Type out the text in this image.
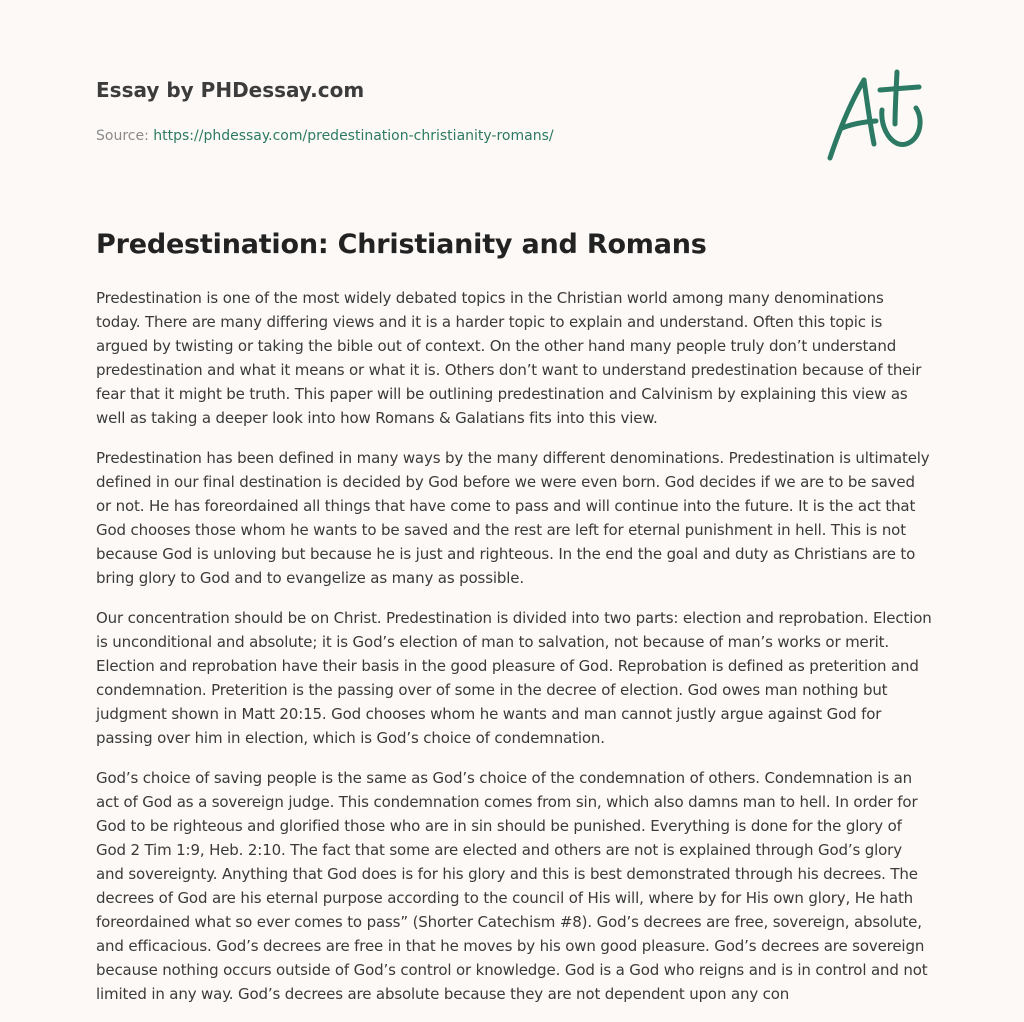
Essay by PHDessay.com
Source: https://phdessay.com/predestination-christianity-romans/
Predestination: Christianity and Romans

Predestination is one of the most widely debated topics in the Christian world among many denominations today. There are many differing views and it is a harder topic to explain and understand. Often this topic is argued by twisting or taking the bible out of context. On the other hand many people truly don’t understand predestination and what it means or what it is. Others don’t want to understand predestination because of their fear that it might be truth. This paper will be outlining predestination and Calvinism by explaining this view as well as taking a deeper look into how Romans & Galatians fits into this view.

Predestination has been defined in many ways by the many different denominations. Predestination is ultimately defined in our final destination is decided by God before we were even born. God decides if we are to be saved or not. He has foreordained all things that have come to pass and will continue into the future. It is the act that God chooses those whom he wants to be saved and the rest are left for eternal punishment in hell. This is not because God is unloving but because he is just and righteous. In the end the goal and duty as Christians are to bring glory to God and to evangelize as many as possible.

Our concentration should be on Christ. Predestination is divided into two parts: election and reprobation. Election is unconditional and absolute; it is God’s election of man to salvation, not because of man’s works or merit. Election and reprobation have their basis in the good pleasure of God. Reprobation is defined as preterition and condemnation. Preterition is the passing over of some in the decree of election. God owes man nothing but judgment shown in Matt 20:15. God chooses whom he wants and man cannot justly argue against God for passing over him in election, which is God’s choice of condemnation.

God’s choice of saving people is the same as God’s choice of the condemnation of others. Condemnation is an act of God as a sovereign judge. This condemnation comes from sin, which also damns man to hell. In order for God to be righteous and glorified those who are in sin should be punished. Everything is done for the glory of God 2 Tim 1:9, Heb. 2:10. The fact that some are elected and others are not is explained through God’s glory and sovereignty. Anything that God does is for his glory and this is best demonstrated through his decrees. The decrees of God are his eternal purpose according to the council of His will, where by for His own glory, He hath foreordained what so ever comes to pass” (Shorter Catechism #8). God’s decrees are free, sovereign, absolute, and efficacious. God’s decrees are free in that he moves by his own good pleasure. God’s decrees are sovereign because nothing occurs outside of God’s control or knowledge. God is a God who reigns and is in control and not limited in any way. God’s decrees are absolute because they are not dependent upon any con
